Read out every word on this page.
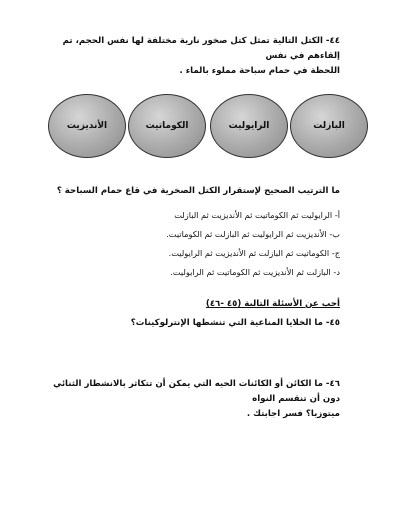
٤٤- الكتل التالية تمثل كتل صخور نارية مختلفة لها نفس الحجم، تم إلقاءهم في نفس
اللحظة في حمام سباحة مملوء بالماء .
الأنديزيت	الكوماتيت	الرايوليت	البازلت
ما الترتيب الصحيح لإستقرار الكتل الصخرية في قاع حمام السباحة ؟
أ- الرايوليت ثم الكوماتيت ثم الأنديزيت ثم البازلت
ب- الأنديزيت ثم الرايوليت ثم البازلت ثم الكوماتيت.
ج- الكوماتيت ثم البازلت ثم الأنديزيت ثم الرايوليت.
د- البازلت ثم الأنديزيت ثم الكوماتيت ثم الرايوليت.
أجب عن الأسئلة التالية (٤٥ -٤٦)
٤٥- ما الخلايا المناعية التي تنشطها الإنترلوكينات؟
٤٦- ما الكائن أو الكائنات الحيه التي يمكن أن تتكاثر بالانشطار الثنائي دون أن تنقسم النواه
ميتوزيا؟ فسر اجابتك .
